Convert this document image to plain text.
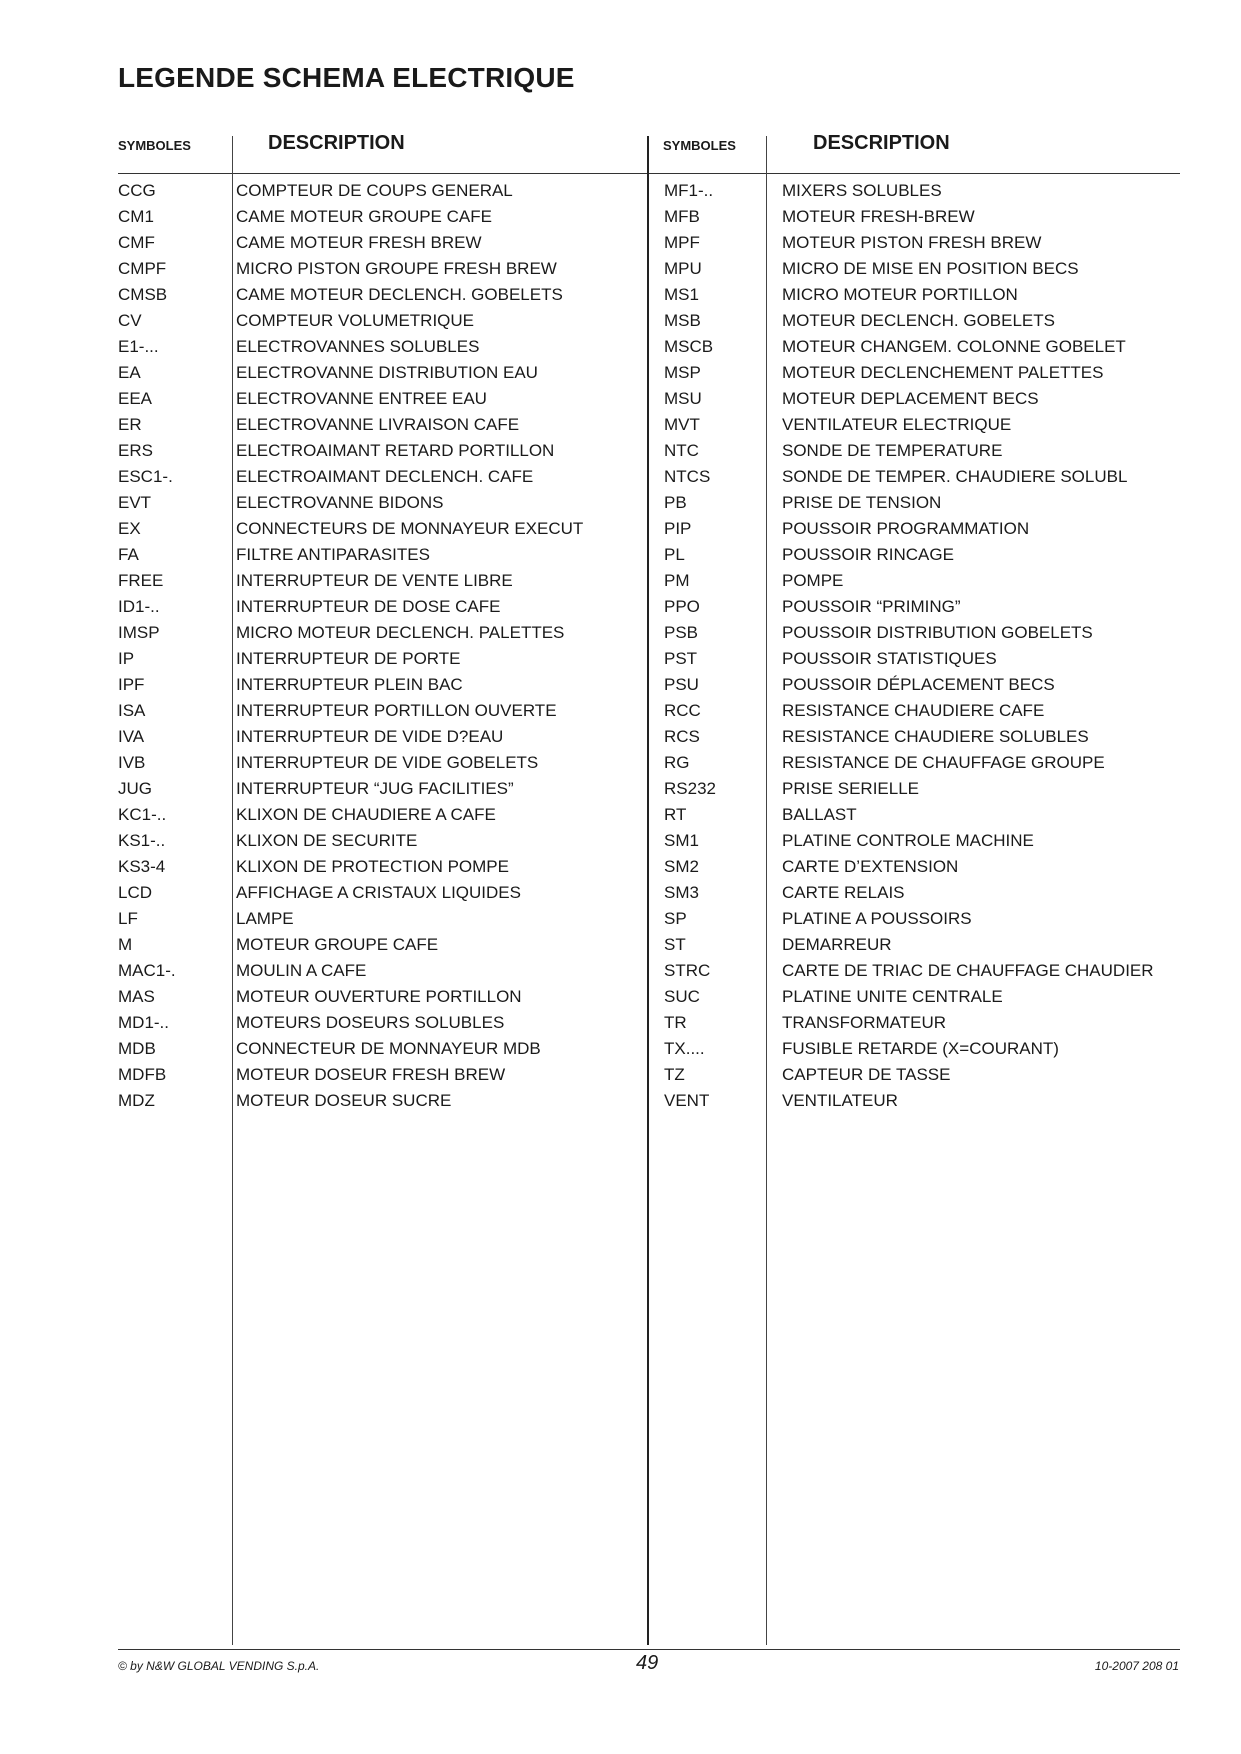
LEGENDE SCHEMA ELECTRIQUE
SYMBOLES	DESCRIPTION	SYMBOLES	DESCRIPTION
CCG	COMPTEUR DE COUPS GENERAL
CM1	CAME MOTEUR GROUPE CAFE
CMF	CAME MOTEUR FRESH BREW
CMPF	MICRO PISTON GROUPE FRESH BREW
CMSB	CAME MOTEUR DECLENCH. GOBELETS
CV	COMPTEUR VOLUMETRIQUE
E1-...	ELECTROVANNES SOLUBLES
EA	ELECTROVANNE DISTRIBUTION EAU
EEA	ELECTROVANNE ENTREE EAU
ER	ELECTROVANNE LIVRAISON CAFE
ERS	ELECTROAIMANT RETARD PORTILLON
ESC1-.	ELECTROAIMANT DECLENCH. CAFE
EVT	ELECTROVANNE BIDONS
EX	CONNECTEURS DE MONNAYEUR EXECUT
FA	FILTRE ANTIPARASITES
FREE	INTERRUPTEUR DE VENTE LIBRE
ID1-..	INTERRUPTEUR DE DOSE CAFE
IMSP	MICRO MOTEUR DECLENCH. PALETTES
IP	INTERRUPTEUR DE PORTE
IPF	INTERRUPTEUR PLEIN BAC
ISA	INTERRUPTEUR PORTILLON OUVERTE
IVA	INTERRUPTEUR DE VIDE D?EAU
IVB	INTERRUPTEUR DE VIDE GOBELETS
JUG	INTERRUPTEUR “JUG FACILITIES”
KC1-..	KLIXON DE CHAUDIERE A CAFE
KS1-..	KLIXON DE SECURITE
KS3-4	KLIXON DE PROTECTION POMPE
LCD	AFFICHAGE A CRISTAUX LIQUIDES
LF	LAMPE
M	MOTEUR GROUPE CAFE
MAC1-.	MOULIN A CAFE
MAS	MOTEUR OUVERTURE PORTILLON
MD1-..	MOTEURS DOSEURS SOLUBLES
MDB	CONNECTEUR DE MONNAYEUR MDB
MDFB	MOTEUR DOSEUR FRESH BREW
MDZ	MOTEUR DOSEUR SUCRE
MF1-..	MIXERS SOLUBLES
MFB	MOTEUR FRESH-BREW
MPF	MOTEUR PISTON FRESH BREW
MPU	MICRO DE MISE EN POSITION BECS
MS1	MICRO MOTEUR PORTILLON
MSB	MOTEUR DECLENCH. GOBELETS
MSCB	MOTEUR CHANGEM. COLONNE GOBELET
MSP	MOTEUR DECLENCHEMENT PALETTES
MSU	MOTEUR DEPLACEMENT BECS
MVT	VENTILATEUR ELECTRIQUE
NTC	SONDE DE TEMPERATURE
NTCS	SONDE DE TEMPER. CHAUDIERE SOLUBL
PB	PRISE DE TENSION
PIP	POUSSOIR PROGRAMMATION
PL	POUSSOIR RINCAGE
PM	POMPE
PPO	POUSSOIR “PRIMING”
PSB	POUSSOIR DISTRIBUTION GOBELETS
PST	POUSSOIR STATISTIQUES
PSU	POUSSOIR DÉPLACEMENT BECS
RCC	RESISTANCE CHAUDIERE CAFE
RCS	RESISTANCE CHAUDIERE SOLUBLES
RG	RESISTANCE DE CHAUFFAGE GROUPE
RS232	PRISE SERIELLE
RT	BALLAST
SM1	PLATINE CONTROLE MACHINE
SM2	CARTE D’EXTENSION
SM3	CARTE RELAIS
SP	PLATINE A POUSSOIRS
ST	DEMARREUR
STRC	CARTE DE TRIAC DE CHAUFFAGE CHAUDIER
SUC	PLATINE UNITE CENTRALE
TR	TRANSFORMATEUR
TX....	FUSIBLE RETARDE (X=COURANT)
TZ	CAPTEUR DE TASSE
VENT	VENTILATEUR
© by N&W GLOBAL VENDING S.p.A.	49	10-2007 208 01
